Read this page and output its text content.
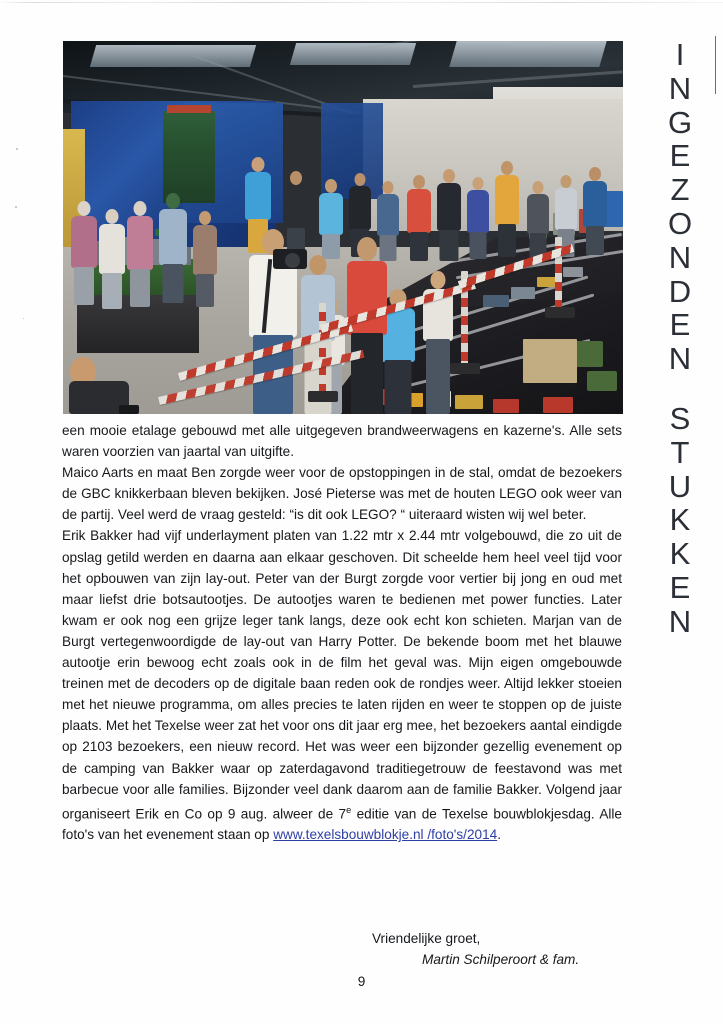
I
N
G
E
Z
O
N
D
E
N
S
T
U
K
K
E
N

een mooie etalage gebouwd met alle uitgegeven brandweerwagens en kazerne's. Alle sets waren voorzien van jaartal van uitgifte.

Maico Aarts en maat Ben zorgde weer voor de opstoppingen in de stal, omdat de bezoekers de GBC knikkerbaan bleven bekijken. José Pieterse was met de houten LEGO ook weer van de partij. Veel werd de vraag gesteld: “is dit ook LEGO? “ uiteraard wisten wij wel beter.

Erik Bakker had vijf underlayment platen van 1.22 mtr x 2.44 mtr volgebouwd, die zo uit de opslag getild werden en daarna aan elkaar geschoven. Dit scheelde hem heel veel tijd voor het opbouwen van zijn lay-out. Peter van der Burgt zorgde voor vertier bij jong en oud met maar liefst drie botsautootjes. De autootjes waren te bedienen met power functies. Later kwam er ook nog een grijze leger tank langs, deze ook echt kon schieten. Marjan van de Burgt vertegenwoordigde de lay-out van Harry Potter. De bekende boom met het blauwe autootje erin bewoog echt zoals ook in de film het geval was. Mijn eigen omgebouwde treinen met de decoders op de digitale baan reden ook de rondjes weer. Altijd lekker stoeien met het nieuwe programma, om alles precies te laten rijden en weer te stoppen op de juiste plaats. Met het Texelse weer zat het voor ons dit jaar erg mee, het bezoekers aantal eindigde op 2103 bezoekers, een nieuw record. Het was weer een bijzonder gezellig evenement op de camping van Bakker waar op zaterdagavond traditiegetrouw de feestavond was met barbecue voor alle families. Bijzonder veel dank daarom aan de familie Bakker. Volgend jaar organiseert Erik en Co op 9 aug. alweer de 7e editie van de Texelse bouwblokjesdag. Alle foto's van het evenement staan op www.texelsbouwblokje.nl /foto's/2014.

Vriendelijke groet,
Martin Schilperoort & fam.
9
